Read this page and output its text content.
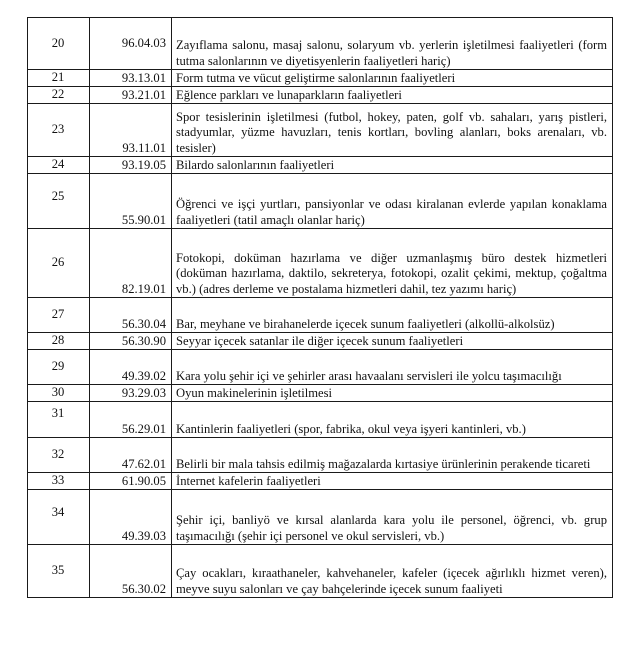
20	96.04.03	Zayıflama salonu, masaj salonu, solaryum vb. yerlerin işletilmesi faaliyetleri (form tutma salonlarının ve diyetisyenlerin faaliyetleri hariç)
21	93.13.01	Form tutma ve vücut geliştirme salonlarının faaliyetleri
22	93.21.01	Eğlence parkları ve lunaparkların faaliyetleri
23	93.11.01	Spor tesislerinin işletilmesi (futbol, hokey, paten, golf vb. sahaları, yarış pistleri, stadyumlar, yüzme havuzları, tenis kortları, bovling alanları, boks arenaları, vb. tesisler)
24	93.19.05	Bilardo salonlarının faaliyetleri
25	55.90.01	Öğrenci ve işçi yurtları, pansiyonlar ve odası kiralanan evlerde yapılan konaklama faaliyetleri (tatil amaçlı olanlar hariç)
26	82.19.01	Fotokopi, doküman hazırlama ve diğer uzmanlaşmış büro destek hizmetleri (doküman hazırlama, daktilo, sekreterya, fotokopi, ozalit çekimi, mektup, çoğaltma vb.) (adres derleme ve postalama hizmetleri dahil, tez yazımı hariç)
27	56.30.04	Bar, meyhane ve birahanelerde içecek sunum faaliyetleri (alkollü-alkolsüz)
28	56.30.90	Seyyar içecek satanlar ile diğer içecek sunum faaliyetleri
29	49.39.02	Kara yolu şehir içi ve şehirler arası havaalanı servisleri ile yolcu taşımacılığı
30	93.29.03	Oyun makinelerinin işletilmesi
31	56.29.01	Kantinlerin faaliyetleri (spor, fabrika, okul veya işyeri kantinleri, vb.)
32	47.62.01	Belirli bir mala tahsis edilmiş mağazalarda kırtasiye ürünlerinin perakende ticareti
33	61.90.05	İnternet kafelerin faaliyetleri
34	49.39.03	Şehir içi, banliyö ve kırsal alanlarda kara yolu ile personel, öğrenci, vb. grup taşımacılığı (şehir içi personel ve okul servisleri, vb.)
35	56.30.02	Çay ocakları, kıraathaneler, kahvehaneler, kafeler (içecek ağırlıklı hizmet veren), meyve suyu salonları ve çay bahçelerinde içecek sunum faaliyeti
